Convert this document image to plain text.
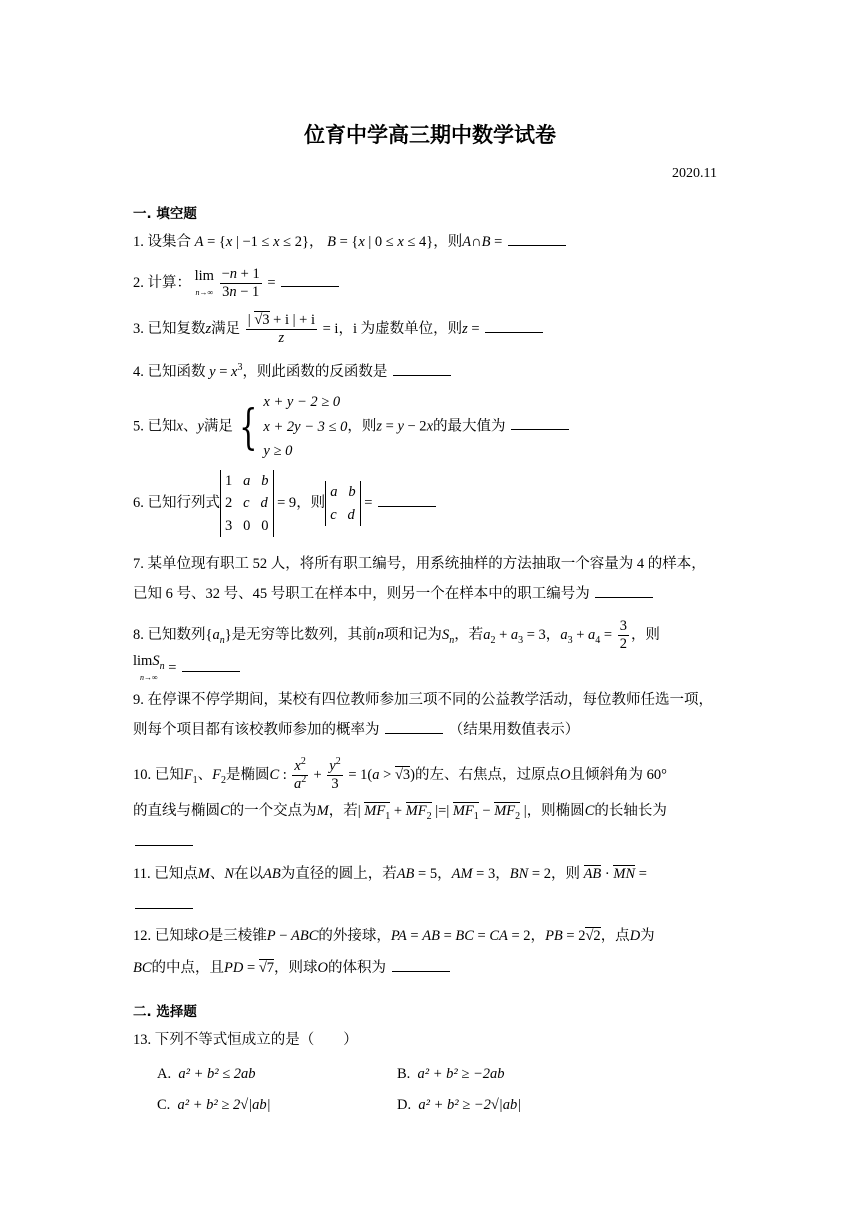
位育中学高三期中数学试卷
2020.11
一. 填空题
1. 设集合 A = {x | −1 ≤ x ≤ 2}， B = {x | 0 ≤ x ≤ 4}，则A∩B =
2. 计算： lim
$n\to\infty \frac{-n + 1}{3n - 1}$ =
3. 已知复数z满足 $\frac{| √3 + i | + i}{z} = i$，i 为虚数单位，则z =
4. 已知函数 $y = x^3$，则此函数的反函数是
5. 已知x、y满足 { x + y − 2 ≥ 0
x + 2y − 3 ≤ 0
y ≥ 0
，则z = y − 2x的最大值为
6. 已知行列式
1 a b
2 c d
3   0   0
= 9，则
a b
c d
=
7. 某单位现有职工 52 人，将所有职工编号，用系统抽样的方法抽取一个容量为 4 的样本，
已知 6 号、32 号、45 号职工在样本中，则另一个在样本中的职工编号为
8. 已知数列$\{a_n\}$是无穷等比数列，其前n项和记为$S_n$，若$a_2 + a_3 = 3$，$a_3 + a_4 = \frac{3}{2}$ ，则
limS$_n$
n→∞ =
9. 在停课不停学期间，某校有四位教师参加三项不同的公益教学活动，每位教师任选一项，
则每个项目都有该校教师参加的概率为	（结果用数值表示）
10. 已知$F_1$、$F_2$是椭圆C : $\frac{x^2}{a^2} + \frac{y^2}{3} = 1(a > √3)$的左、右焦点，过原点O且倾斜角为 60°
的直线与椭圆C的一个交点为M，若| $MF_1 + MF_2$ |=| $MF_1 - MF_2$ |，则椭圆C的长轴长为
11. 已知点M、N在以AB为直径的圆上，若AB = 5，AM = 3，BN = 2，则 AB · MN =
12. 已知球O是三棱锥P − ABC的外接球，PA = AB = BC = CA = 2，PB = 2√2，点D为
BC的中点，且PD = √7，则球O的体积为
二. 选择题
13. 下列不等式恒成立的是（　　）
A. a² + b² ≤ 2ab	B. a² + b² ≥ −2ab
C. a² + b² ≥ 2√|ab|	D. a² + b² ≥ −2√|ab|
